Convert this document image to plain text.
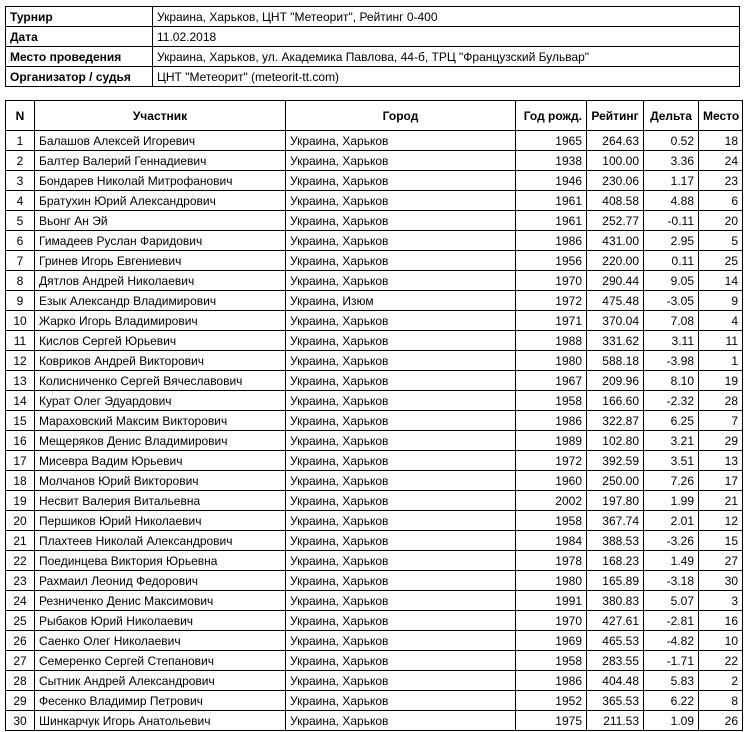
Турнир	Украина, Харьков, ЦНТ "Метеорит", Рейтинг 0-400
Дата	11.02.2018
Место проведения	Украина, Харьков, ул. Академика Павлова, 44-б, ТРЦ "Французский Бульвар"
Организатор / судья	ЦНТ "Метеорит" (meteorit-tt.com)
N	Участник	Город	Год рожд.	Рейтинг	Дельта	Место
1	Балашов Алексей Игоревич	Украина, Харьков	1965	264.63	0.52	18
2	Балтер Валерий Геннадиевич	Украина, Харьков	1938	100.00	3.36	24
3	Бондарев Николай Митрофанович	Украина, Харьков	1946	230.06	1.17	23
4	Братухин Юрий Александрович	Украина, Харьков	1961	408.58	4.88	6
5	Вьонг Ан Эй	Украина, Харьков	1961	252.77	-0.11	20
6	Гимадеев Руслан Фаридович	Украина, Харьков	1986	431.00	2.95	5
7	Гринев Игорь Евгениевич	Украина, Харьков	1956	220.00	0.11	25
8	Дятлов Андрей Николаевич	Украина, Харьков	1970	290.44	9.05	14
9	Езык Александр Владимирович	Украина, Изюм	1972	475.48	-3.05	9
10	Жарко Игорь Владимирович	Украина, Харьков	1971	370.04	7.08	4
11	Кислов Сергей Юрьевич	Украина, Харьков	1988	331.62	3.11	11
12	Ковриков Андрей Викторович	Украина, Харьков	1980	588.18	-3.98	1
13	Колисниченко Сергей Вячеславович	Украина, Харьков	1967	209.96	8.10	19
14	Курат Олег Эдуардович	Украина, Харьков	1958	166.60	-2.32	28
15	Мараховский Максим Викторович	Украина, Харьков	1986	322.87	6.25	7
16	Мещеряков Денис Владимирович	Украина, Харьков	1989	102.80	3.21	29
17	Мисевра Вадим Юрьевич	Украина, Харьков	1972	392.59	3.51	13
18	Молчанов Юрий Викторович	Украина, Харьков	1960	250.00	7.26	17
19	Несвит Валерия Витальевна	Украина, Харьков	2002	197.80	1.99	21
20	Першиков Юрий Николаевич	Украина, Харьков	1958	367.74	2.01	12
21	Плахтеев Николай Александрович	Украина, Харьков	1984	388.53	-3.26	15
22	Поединцева Виктория Юрьевна	Украина, Харьков	1978	168.23	1.49	27
23	Рахмаил Леонид Федорович	Украина, Харьков	1980	165.89	-3.18	30
24	Резниченко Денис Максимович	Украина, Харьков	1991	380.83	5.07	3
25	Рыбаков Юрий Николаевич	Украина, Харьков	1970	427.61	-2.81	16
26	Саенко Олег Николаевич	Украина, Харьков	1969	465.53	-4.82	10
27	Семеренко Сергей Степанович	Украина, Харьков	1958	283.55	-1.71	22
28	Сытник Андрей Александрович	Украина, Харьков	1986	404.48	5.83	2
29	Фесенко Владимир Петрович	Украина, Харьков	1952	365.53	6.22	8
30	Шинкарчук Игорь Анатольевич	Украина, Харьков	1975	211.53	1.09	26
